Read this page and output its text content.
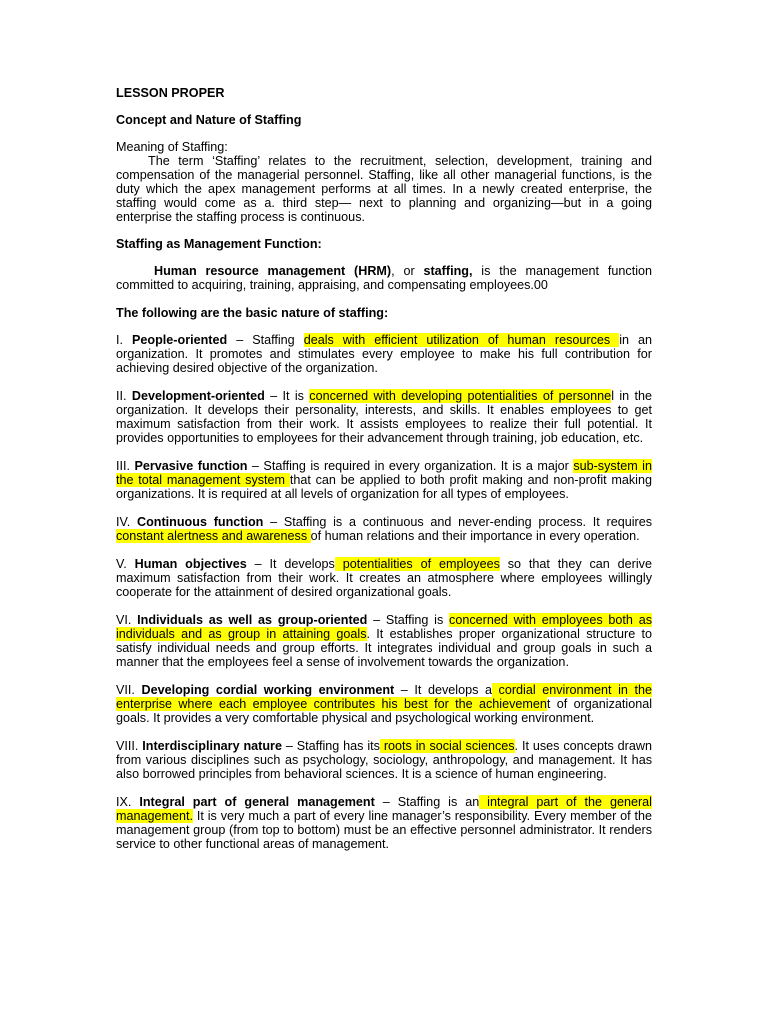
LESSON PROPER

Concept and Nature of Staffing

Meaning of Staffing:

The term ‘Staffing’ relates to the recruitment, selection, development, training and compensation of the managerial personnel. Staffing, like all other managerial functions, is the duty which the apex management performs at all times. In a newly created enterprise, the staffing would come as a. third step— next to planning and organizing—but in a going enterprise the staffing process is continuous.

Staffing as Management Function:

Human resource management (HRM), or staffing, is the management function committed to acquiring, training, appraising, and compensating employees.00

The following are the basic nature of staffing:

I. People-oriented – Staffing deals with efficient utilization of human resources in an organization. It promotes and stimulates every employee to make his full contribution for achieving desired objective of the organization.

II. Development-oriented – It is concerned with developing potentialities of personnel in the organization. It develops their personality, interests, and skills. It enables employees to get maximum satisfaction from their work. It assists employees to realize their full potential. It provides opportunities to employees for their advancement through training, job education, etc.

III. Pervasive function – Staffing is required in every organization. It is a major sub-system in the total management system that can be applied to both profit making and non-profit making organizations. It is required at all levels of organization for all types of employees.

IV. Continuous function – Staffing is a continuous and never-ending process. It requires constant alertness and awareness of human relations and their importance in every operation.

V. Human objectives – It develops potentialities of employees so that they can derive maximum satisfaction from their work. It creates an atmosphere where employees willingly cooperate for the attainment of desired organizational goals.

VI. Individuals as well as group-oriented – Staffing is concerned with employees both as individuals and as group in attaining goals. It establishes proper organizational structure to satisfy individual needs and group efforts. It integrates individual and group goals in such a manner that the employees feel a sense of involvement towards the organization.

VII. Developing cordial working environment – It develops a cordial environment in the enterprise where each employee contributes his best for the achievement of organizational goals. It provides a very comfortable physical and psychological working environment.

VIII. Interdisciplinary nature – Staffing has its roots in social sciences. It uses concepts drawn from various disciplines such as psychology, sociology, anthropology, and management. It has also borrowed principles from behavioral sciences. It is a science of human engineering.

IX. Integral part of general management – Staffing is an integral part of the general management. It is very much a part of every line manager’s responsibility. Every member of the management group (from top to bottom) must be an effective personnel administrator. It renders service to other functional areas of management.
